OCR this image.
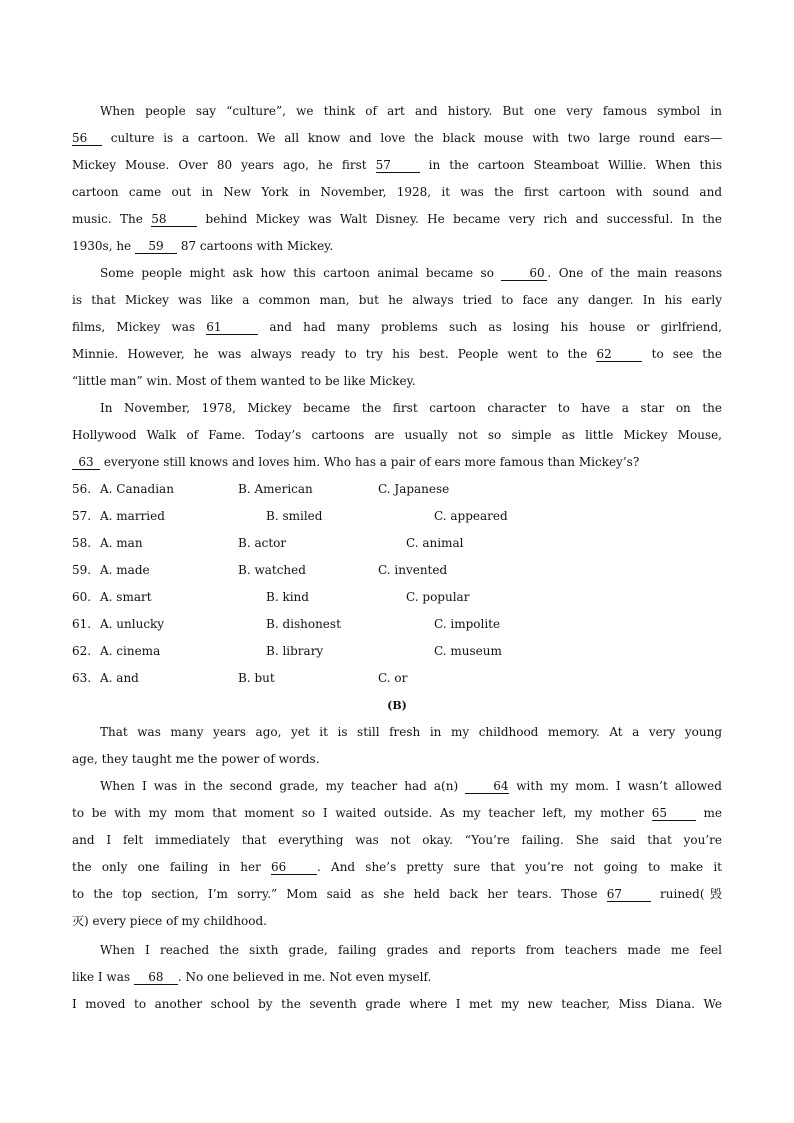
When people say “culture”, we think of art and history. But one very famous symbol in
56 culture is a cartoon. We all know and love the black mouse with two large round ears—
Mickey Mouse. Over 80 years ago, he first 57	in the cartoon Steamboat Willie. When this
cartoon came out in New York in November, 1928, it was the first cartoon with sound and
music. The 58	behind Mickey was Walt Disney. He became very rich and successful. In the
1930s, he 59 87 cartoons with Mickey.
Some people might ask how this cartoon animal became so	60 . One of the main reasons
is that Mickey was like a common man, but he always tried to face any danger. In his early
films, Mickey was 61	and had many problems such as losing his house or girlfriend,
Minnie. However, he was always ready to try his best. People went to the 62	to see the
“little man” win. Most of them wanted to be like Mickey.
In November, 1978, Mickey became the first cartoon character to have a star on the
Hollywood Walk of Fame. Today’s cartoons are usually not so simple as little Mickey Mouse,
63 everyone still knows and loves him. Who has a pair of ears more famous than Mickey’s?
56. A. Canadian	B. American	C. Japanese
57. A. married	B. smiled	C. appeared
58. A. man	B. actor	C. animal
59. A. made	B. watched	C. invented
60. A. smart	B. kind	C. popular
61. A. unlucky	B. dishonest	C. impolite
62. A. cinema	B. library	C. museum
63. A. and	B. but	C. or
(B)
That was many years ago, yet it is still fresh in my childhood memory. At a very young
age, they taught me the power of words.
When I was in the second grade, my teacher had a(n)	64 with my mom. I wasn’t allowed
to be with my mom that moment so I waited outside. As my teacher left, my mother 65	me
and I felt immediately that everything was not okay. “You’re failing. She said that you’re
the only one failing in her 66	. And she’s pretty sure that you’re not going to make it
to the top section, I’m sorry.” Mom said as she held back her tears. Those 67	ruined(毁
灭) every piece of my childhood.
When I reached the sixth grade, failing grades and reports from teachers made me feel
like I was 68 . No one believed in me. Not even myself.
I moved to another school by the seventh grade where I met my new teacher, Miss Diana. We
